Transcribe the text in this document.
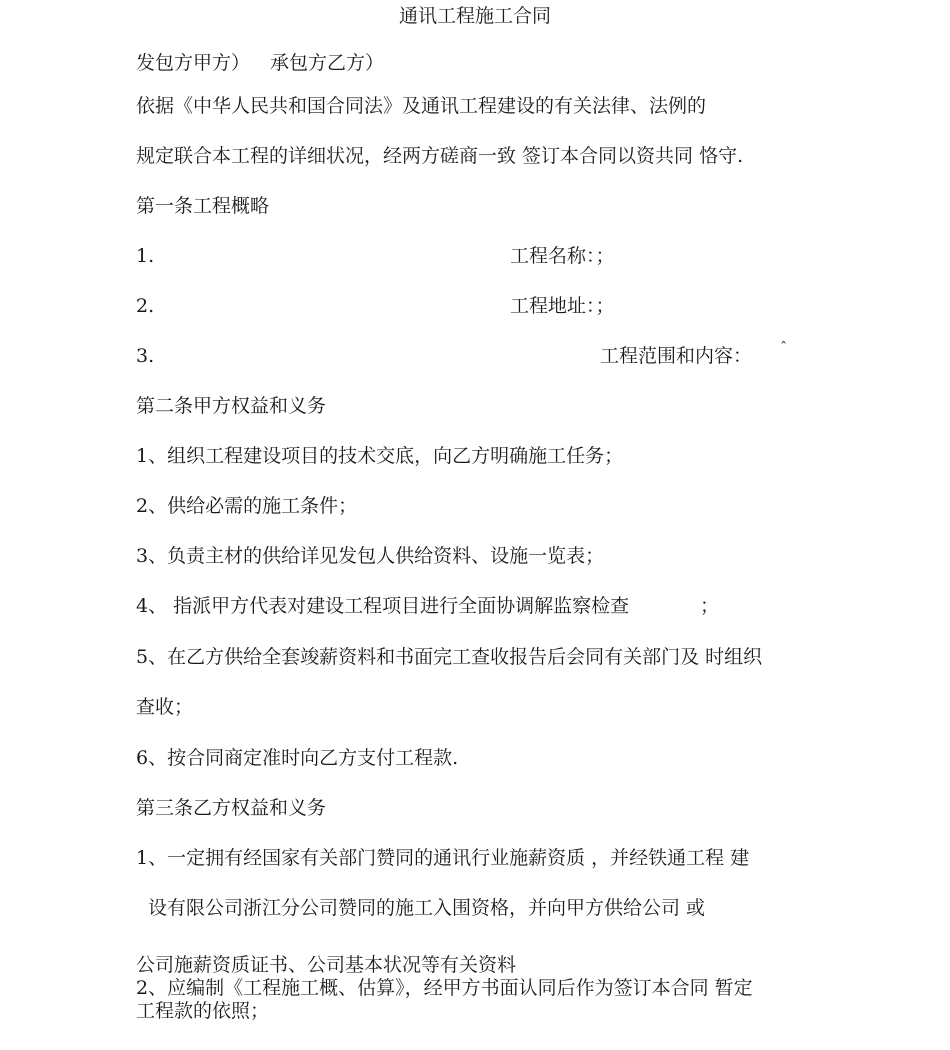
通讯工程施工合同
发包方甲方） 承包方乙方）
依据《中华人民共和国合同法》及通讯工程建设的有关法律、法例的
规定联合本工程的详细状况，经两方磋商一致 签订本合同以资共同 恪守.
第一条工程概略
1.	工程名称：；
2.	工程地址：；
3.	工程范围和内容： ˆ
第二条甲方权益和义务
1、组织工程建设项目的技术交底，向乙方明确施工任务；
2、供给必需的施工条件；
3、负责主材的供给详见发包人供给资料、设施一览表；
4、 指派甲方代表对建设工程项目进行全面协调解监察检查	；
5、在乙方供给全套竣薪资料和书面完工查收报告后会同有关部门及 时组织
查收；
6、按合同商定准时向乙方支付工程款.
第三条乙方权益和义务
1、一定拥有经国家有关部门赞同的通讯行业施薪资质 ，并经铁通工程 建
设有限公司浙江分公司赞同的施工入围资格，并向甲方供给公司 或
公司施薪资质证书、公司基本状况等有关资料
2、应编制《工程施工概、估算》，经甲方书面认同后作为签订本合同 暂定
工程款的依照；
